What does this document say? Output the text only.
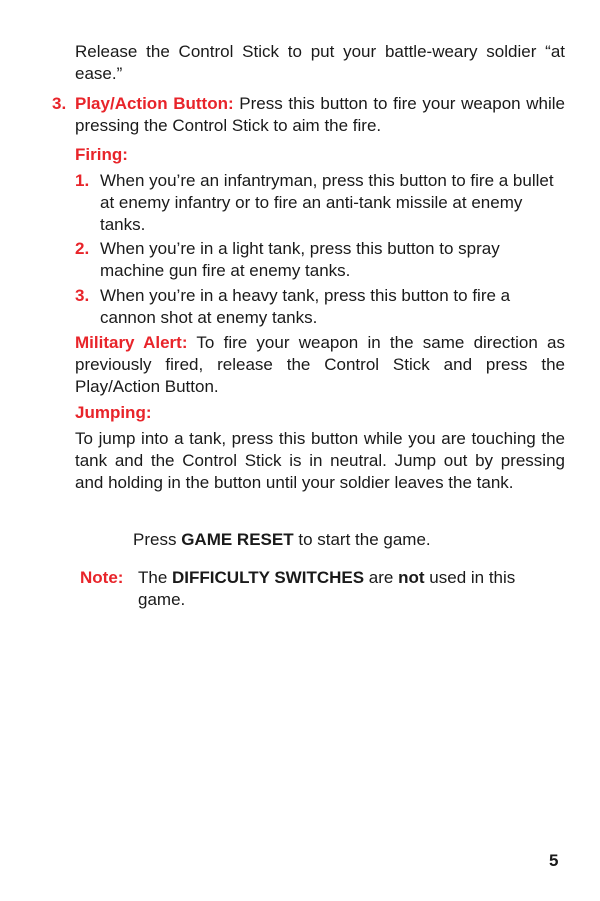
Release the Control Stick to put your battle-weary soldier “at ease.”

3. Play/Action Button: Press this button to fire your weapon while pressing the Control Stick to aim the fire.

Firing:
1. When you’re an infantryman, press this button to fire a bullet at enemy infantry or to fire an anti-tank missile at enemy tanks.

2. When you’re in a light tank, press this button to spray machine gun fire at enemy tanks.

3. When you’re in a heavy tank, press this button to fire a cannon shot at enemy tanks.

Military Alert: To fire your weapon in the same direction as previously fired, release the Control Stick and press the Play/Action Button.

Jumping:

To jump into a tank, press this button while you are touching the tank and the Control Stick is in neutral. Jump out by pressing and holding in the button until your soldier leaves the tank.

Press GAME RESET to start the game.

Note: The DIFFICULTY SWITCHES are not used in this game.

5
